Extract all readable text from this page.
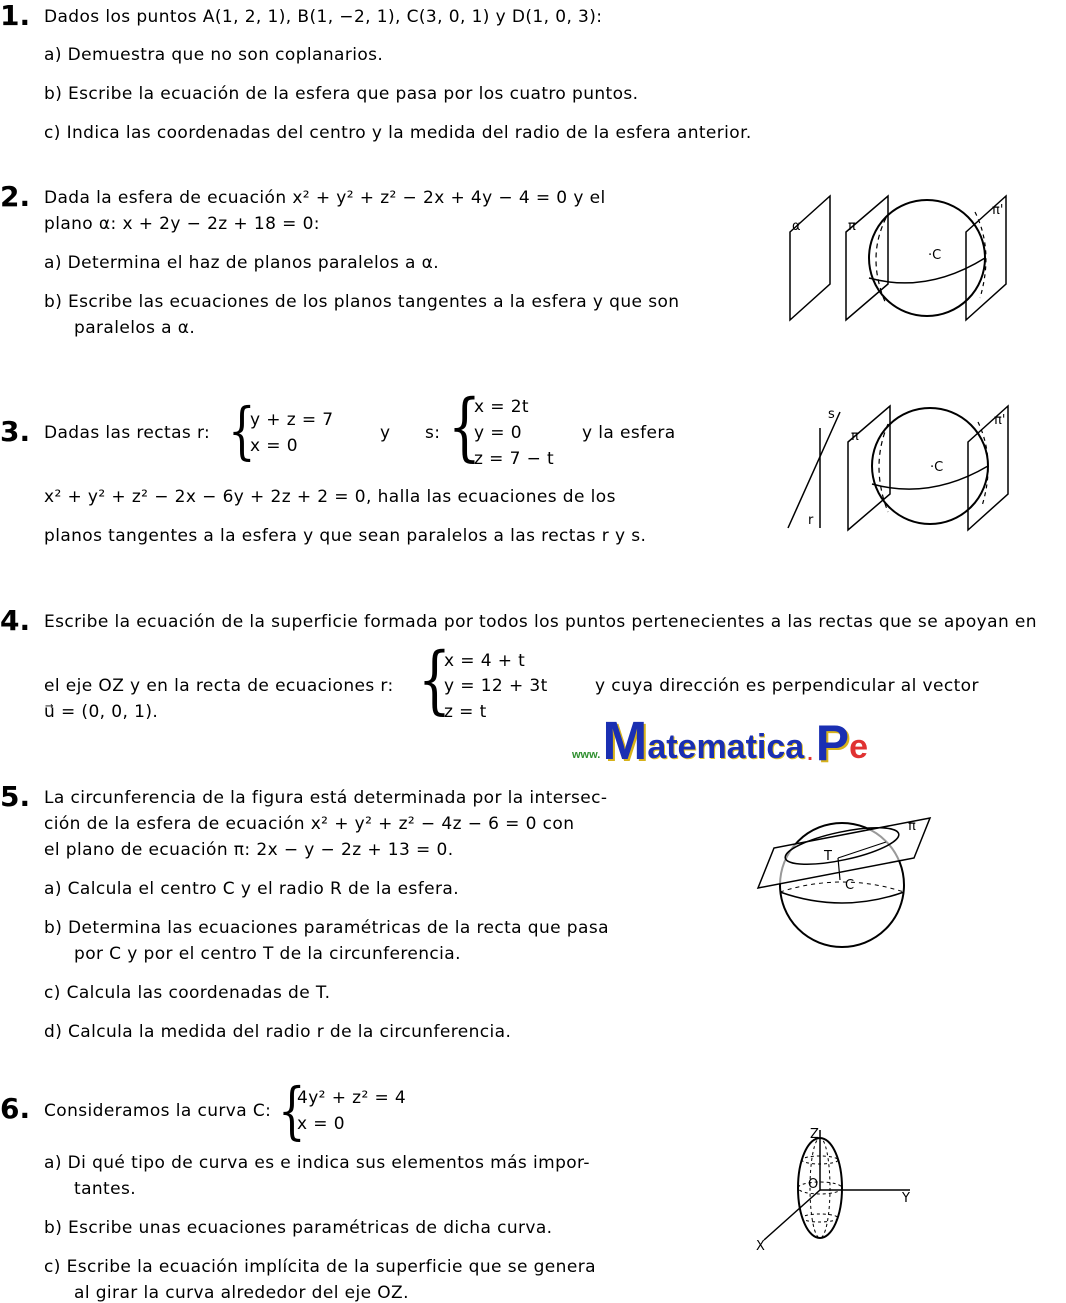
1. Dados los puntos A(1, 2, 1), B(1, −2, 1), C(3, 0, 1) y D(1, 0, 3):
a) Demuestra que no son coplanarios.
b) Escribe la ecuación de la esfera que pasa por los cuatro puntos.
c) Indica las coordenadas del centro y la medida del radio de la esfera anterior.
2. Dada la esfera de ecuación x² + y² + z² − 2x + 4y − 4 = 0 y el
plano α: x + 2y − 2z + 18 = 0:
a) Determina el haz de planos paralelos a α.
b) Escribe las ecuaciones de los planos tangentes a la esfera y que son
paralelos a α.
α	π
·C
π'
3. Dadas las rectas r: {
y + z = 7
x = 0
y s: {
x = 2t
y = 0
z = 7 − t
y la esfera
x² + y² + z² − 2x − 6y + 2z + 2 = 0, halla las ecuaciones de los
planos tangentes a la esfera y que sean paralelos a las rectas r y s.
s
r
π
·C
π'
4. Escribe la ecuación de la superficie formada por todos los puntos pertenecientes a las rectas que se apoyan en
el eje OZ y en la recta de ecuaciones r: {
x = 4 + t
y = 12 + 3t
z = t
y cuya dirección es perpendicular al vector
u⃗ = (0, 0, 1).
www. M atematica . P e
5. La circunferencia de la figura está determinada por la intersec-
ción de la esfera de ecuación x² + y² + z² − 4z − 6 = 0 con
el plano de ecuación π: 2x − y − 2z + 13 = 0.
a) Calcula el centro C y el radio R de la esfera.
b) Determina las ecuaciones paramétricas de la recta que pasa
por C y por el centro T de la circunferencia.
c) Calcula las coordenadas de T.
d) Calcula la medida del radio r de la circunferencia.
π
T
C
6. Consideramos la curva C: {
4y² + z² = 4
x = 0
a) Di qué tipo de curva es e indica sus elementos más impor-
tantes.
b) Escribe unas ecuaciones paramétricas de dicha curva.
c) Escribe la ecuación implícita de la superficie que se genera
al girar la curva alrededor del eje OZ.
Z
O
Y
X
